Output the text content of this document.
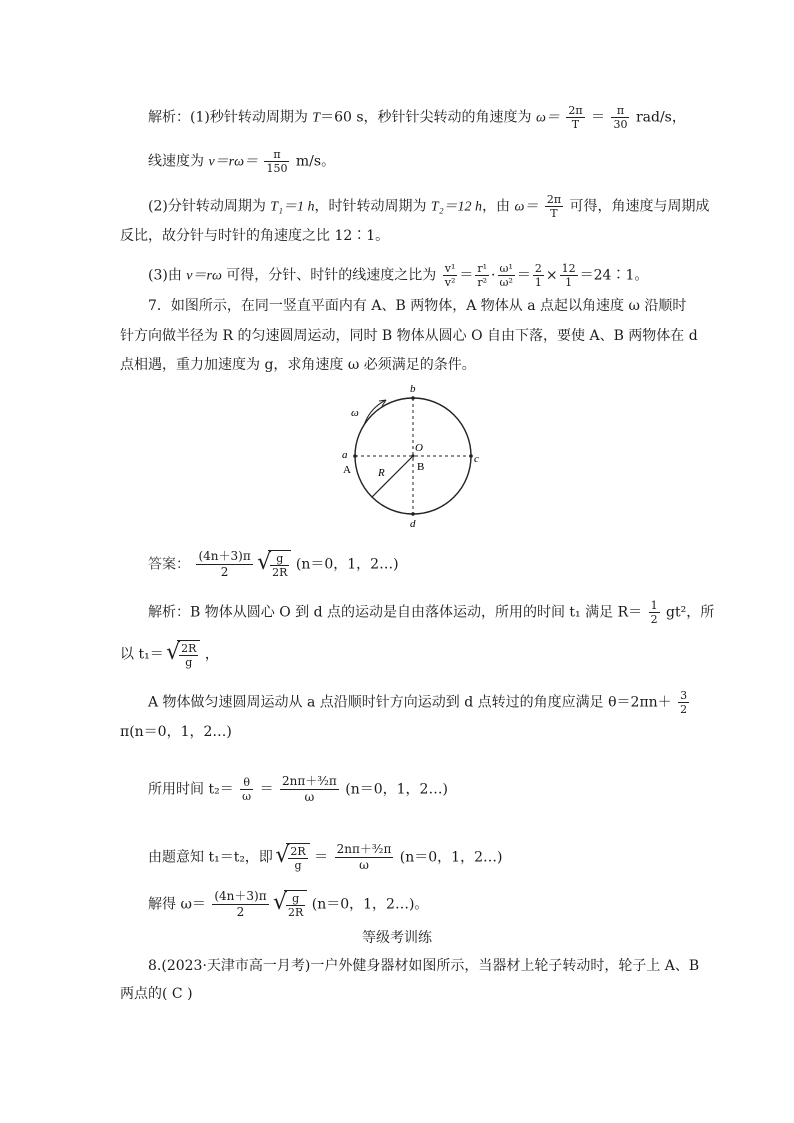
解析：(1)秒针转动周期为 T＝60 s，秒针针尖转动的角速度为 $\omega= \frac{2\pi}{T} = \frac{\pi}{30} rad/s$，
线速度为 $v=r\omega= \frac{\pi}{150} m/s$。
(2)分针转动周期为 T₁＝1 h，时针转动周期为 T₂＝12 h，由 $\omega= \frac{2\pi}{T}$ 可得，角速度与周期成
反比，故分针与时针的角速度之比 12∶1。
(3)由 v＝rω 可得，分针、时针的线速度之比为 $\frac{\text{v¹}}{\text{v²}} = \frac{\text{r¹}}{\text{r²}} \cdot \frac{\text{ω¹}}{\text{ω²}} = \frac{2}{1} \times \frac{12}{1}$ ＝24∶1。
7．如图所示，在同一竖直平面内有 A、B 两物体，A 物体从 a 点起以角速度 ω 沿顺时
针方向做半径为 R 的匀速圆周运动，同时 B 物体从圆心 O 自由下落，要使 A、B 两物体在 d
点相遇，重力加速度为 g，求角速度 ω 必须满足的条件。
b
a
A
O
B
c
d
R
ω
答案： $\frac{(4n+3)\pi}{2}$
√ $\frac{g}{2R} (n=0$，1，2…)
解析：B 物体从圆心 O 到 d 点的运动是自由落体运动，所用的时间 t₁ 满足 $R= \frac{1}{2} gt^2$，所
以 t₁＝ √ $\frac{2R}{g}$ ，
A 物体做匀速圆周运动从 a 点沿顺时针方向运动到 d 点转过的角度应满足 $\theta=2\pi n+ \frac{3}{2}$
π(n＝0，1，2…)
所用时间 $t_2= \frac{\theta}{\omega} = \frac{\text{2nπ＋³⁄₂π}}{\omega} (n=0$，1，2…)
由题意知 t₁＝t₂，即 √ $\frac{2R}{g} = \frac{\text{2nπ＋³⁄₂π}}{\omega} (n=0$，1，2…)
解得 $\omega= \frac{(4n+3)\pi}{2}$
√ $\frac{g}{2R} (n=0$，1，2…)。
等级考训练
8.(2023·天津市高一月考)一户外健身器材如图所示，当器材上轮子转动时，轮子上 A、B
两点的( C )
